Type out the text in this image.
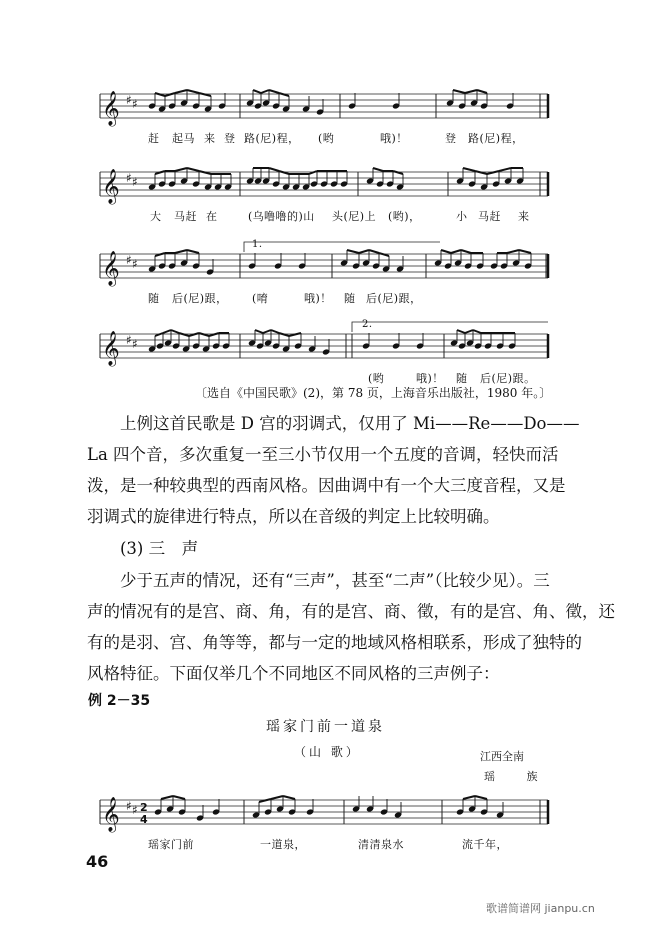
𝄞 ♯ ♯
赶 起马 来 登 路(尼)程， (哟	哦)！	登 路(尼)程，
𝄞 ♯ ♯
大 马赶 在	(乌 噜噜的)山 头(尼)上 (哟)，	小 马赶 来
𝄞 ♯ ♯
1.
随 后(尼)跟， (唷	哦)！ 随 后(尼)跟，
𝄞 ♯ ♯
2.
(哟	哦)！ 随 后(尼)跟。
〔选自《中国民歌》(2)，第 78 页，上海音乐出版社，1980 年。〕

上例这首民歌是 D 宫的羽调式，仅用了 Mi——Re——Do——
La 四个音，多次重复一至三小节仅用一个五度的音调，轻快而活
泼，是一种较典型的西南风格。因曲调中有一个大三度音程，又是
羽调式的旋律进行特点，所以在音级的判定上比较明确。

(3) 三　声

少于五声的情况，还有“三声”，甚至“二声”（比较少见）。三
声的情况有的是宫、商、角，有的是宫、商、徵，有的是宫、角、徵，还
有的是羽、宫、角等等，都与一定的地域风格相联系，形成了独特的
风格特征。下面仅举几个不同地区不同风格的三声例子：

例 2－35
瑶家门前一道泉
（山 歌）	江西全南
瑶 族
𝄞 ♯ ♯ 2
4
瑶家门前	一道泉，	清清泉水	流千年，
46
歌谱简谱网 jianpu.cn
